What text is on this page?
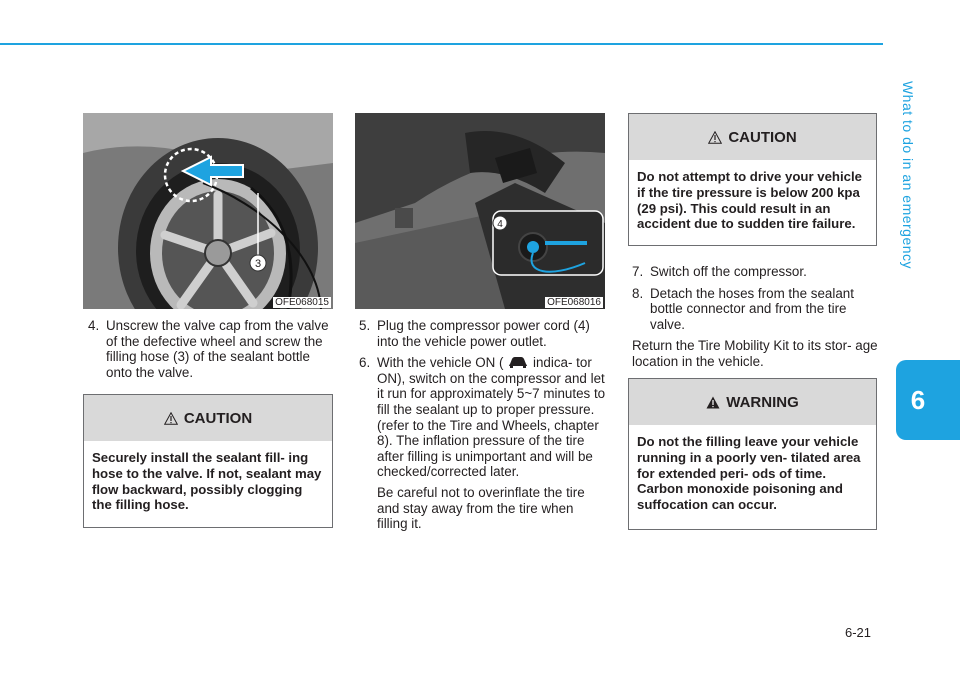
What to do in an emergency
6
3
OFE068015
4
OFE068016

4. Unscrew the valve cap from the valve of the defective wheel and screw the filling hose (3) of the sealant bottle onto the valve.

CAUTION
Securely install the sealant fill- ing hose to the valve. If not, sealant may flow backward, possibly clogging the filling hose.

5. Plug the compressor power cord (4) into the vehicle power outlet.

6. With the vehicle ON (  indica- tor ON), switch on the compressor and let it run for approximately 5~7 minutes to fill the sealant up to proper pressure. (refer to the Tire and Wheels, chapter 8). The inflation pressure of the tire after filling is unimportant and will be checked/corrected later.

Be careful not to overinflate the tire and stay away from the tire when filling it.

CAUTION
Do not attempt to drive your vehicle if the tire pressure is below 200 kpa (29 psi). This could result in an accident due to sudden tire failure.

7. Switch off the compressor.

8. Detach the hoses from the sealant bottle connector and from the tire valve.

Return the Tire Mobility Kit to its stor- age location in the vehicle.

WARNING
Do not the filling leave your vehicle running in a poorly ven- tilated area for extended peri- ods of time. Carbon monoxide poisoning and suffocation can occur.
6-21
